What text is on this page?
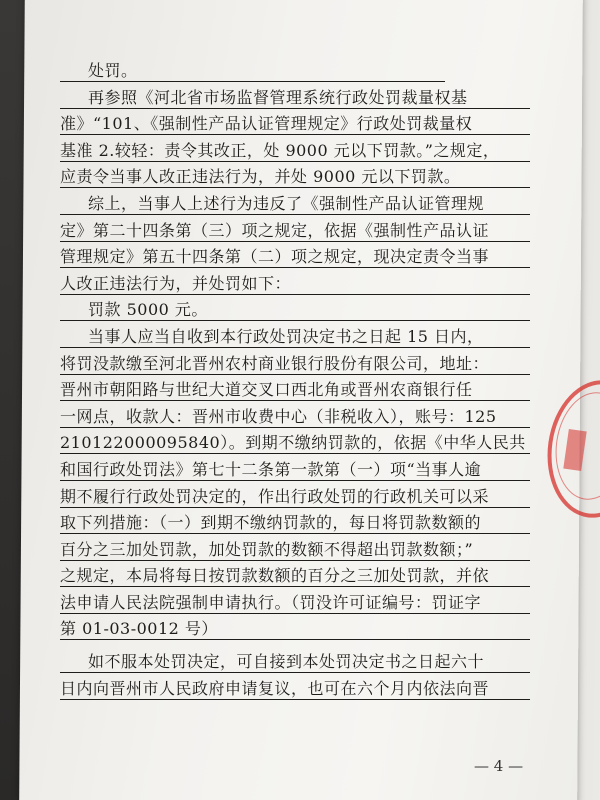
处罚。
再参照《河北省市场监督管理系统行政处罚裁量权基
准》“101、《强制性产品认证管理规定》行政处罚裁量权
基准 2.较轻：责令其改正，处 9000 元以下罚款。”之规定，
应责令当事人改正违法行为，并处 9000 元以下罚款。
综上，当事人上述行为违反了《强制性产品认证管理规
定》第二十四条第（三）项之规定，依据《强制性产品认证
管理规定》第五十四条第（二）项之规定，现决定责令当事
人改正违法行为，并处罚如下：
罚款 5000 元。
当事人应当自收到本行政处罚决定书之日起 15 日内，
将罚没款缴至河北晋州农村商业银行股份有限公司，地址：
晋州市朝阳路与世纪大道交叉口西北角或晋州农商银行任
一网点，收款人：晋州市收费中心（非税收入），账号：125
210122000095840）。到期不缴纳罚款的，依据《中华人民共
和国行政处罚法》第七十二条第一款第（一）项“当事人逾
期不履行行政处罚决定的，作出行政处罚的行政机关可以采
取下列措施：（一）到期不缴纳罚款的，每日将罚款数额的
百分之三加处罚款，加处罚款的数额不得超出罚款数额；”
之规定，本局将每日按罚款数额的百分之三加处罚款，并依
法申请人民法院强制申请执行。（罚没许可证编号：罚证字
第 01-03-0012 号）
如不服本处罚决定，可自接到本处罚决定书之日起六十
日内向晋州市人民政府申请复议，也可在六个月内依法向晋
— 4 —
